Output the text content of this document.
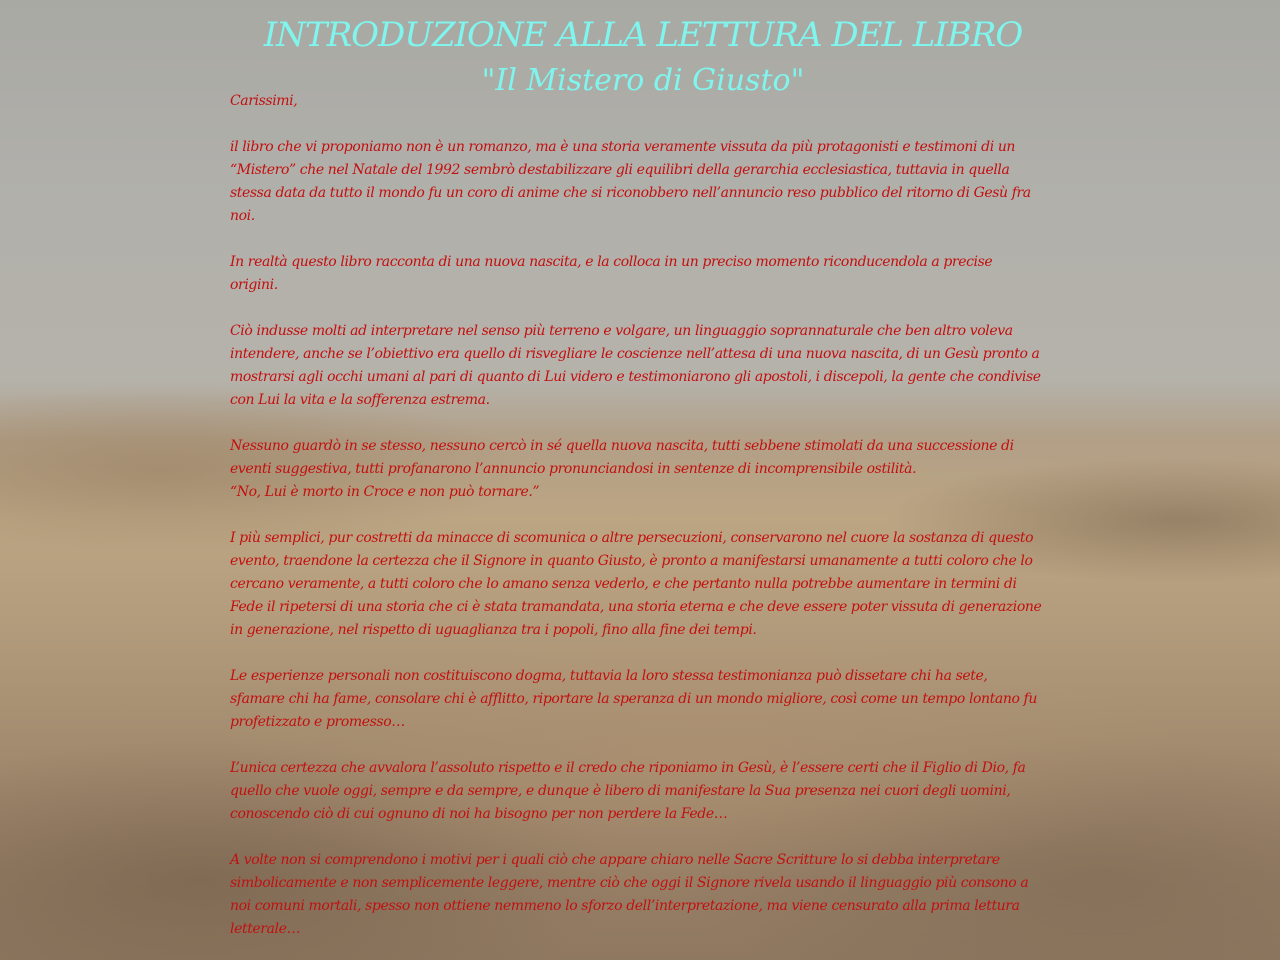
INTRODUZIONE ALLA LETTURA DEL LIBRO
"Il Mistero di Giusto"

Carissimi,

il libro che vi proponiamo non è un romanzo, ma è una storia veramente vissuta da più protagonisti e testimoni di un “Mistero” che nel Natale del 1992 sembrò destabilizzare gli equilibri della gerarchia ecclesiastica, tuttavia in quella stessa data da tutto il mondo fu un coro di anime che si riconobbero nell’annuncio reso pubblico del ritorno di Gesù fra noi.

In realtà questo libro racconta di una nuova nascita, e la colloca in un preciso momento riconducendola a precise origini.

Ciò indusse molti ad interpretare nel senso più terreno e volgare, un linguaggio soprannaturale che ben altro voleva intendere, anche se l’obiettivo era quello di risvegliare le coscienze nell’attesa di una nuova nascita, di un Gesù pronto a mostrarsi agli occhi umani al pari di quanto di Lui videro e testimoniarono gli apostoli, i discepoli, la gente che condivise con Lui la vita e la sofferenza estrema.

Nessuno guardò in se stesso, nessuno cercò in sé quella nuova nascita, tutti sebbene stimolati da una successione di eventi suggestiva, tutti profanarono l’annuncio pronunciandosi in sentenze di incomprensibile ostilità.

“No, Lui è morto in Croce e non può tornare.”

I più semplici, pur costretti da minacce di scomunica o altre persecuzioni, conservarono nel cuore la sostanza di questo evento, traendone la certezza che il Signore in quanto Giusto, è pronto a manifestarsi umanamente a tutti coloro che lo cercano veramente, a tutti coloro che lo amano senza vederlo, e che pertanto nulla potrebbe aumentare in termini di Fede il ripetersi di una storia che ci è stata tramandata, una storia eterna e che deve essere poter vissuta di generazione in generazione, nel rispetto di uguaglianza tra i popoli, fino alla fine dei tempi.

Le esperienze personali non costituiscono dogma, tuttavia la loro stessa testimonianza può dissetare chi ha sete, sfamare chi ha fame, consolare chi è afflitto, riportare la speranza di un mondo migliore, così come un tempo lontano fu profetizzato e promesso…

L’unica certezza che avvalora l’assoluto rispetto e il credo che riponiamo in Gesù, è l’essere certi che il Figlio di Dio, fa quello che vuole oggi, sempre e da sempre, e dunque è libero di manifestare la Sua presenza nei cuori degli uomini, conoscendo ciò di cui ognuno di noi ha bisogno per non perdere la Fede…

A volte non si comprendono i motivi per i quali ciò che appare chiaro nelle Sacre Scritture lo si debba interpretare simbolicamente e non semplicemente leggere, mentre ciò che oggi il Signore rivela usando il linguaggio più consono a noi comuni mortali, spesso non ottiene nemmeno lo sforzo dell’interpretazione, ma viene censurato alla prima lettura letterale…
